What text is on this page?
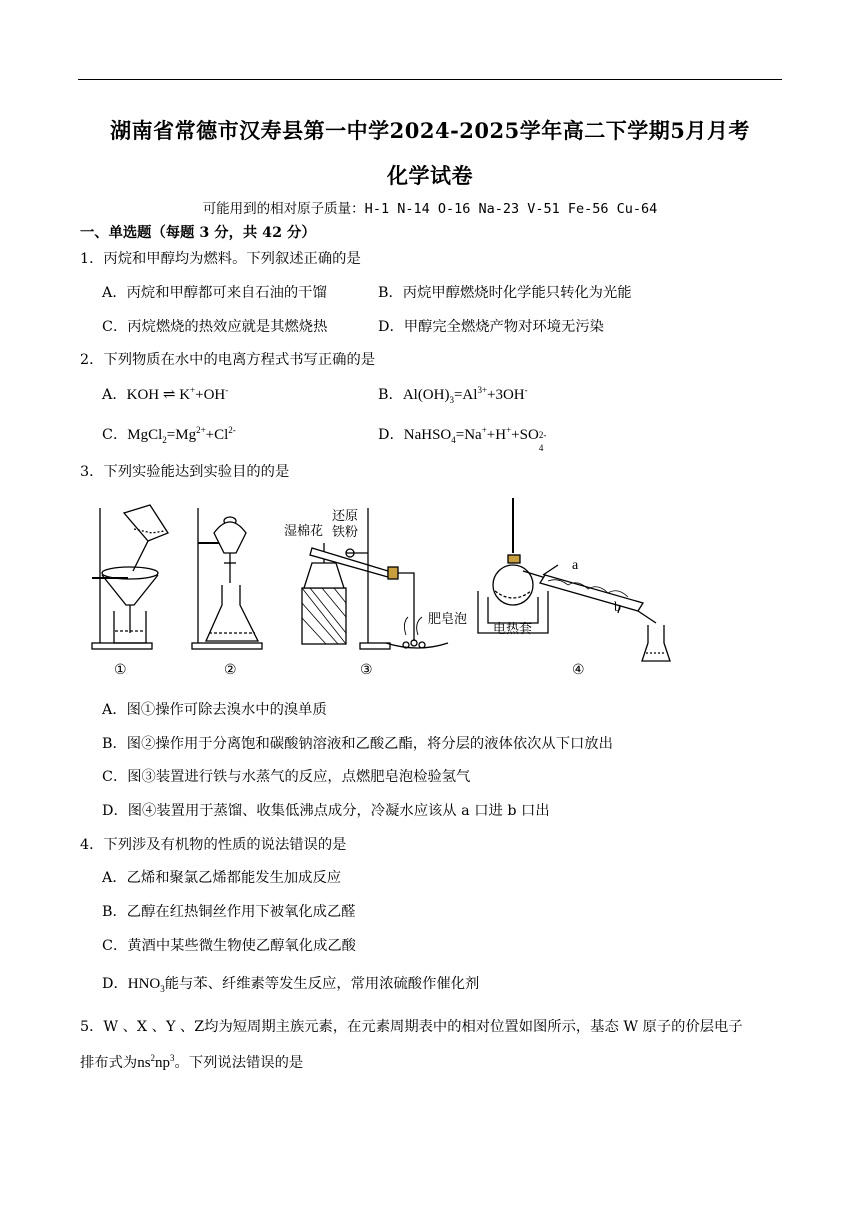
湖南省常德市汉寿县第一中学2024-2025学年高二下学期5月月考
化学试卷
可能用到的相对原子质量：H-1 N-14 O-16 Na-23 V-51 Fe-56 Cu-64
一、单选题（每题 3 分，共 42 分）
1．丙烷和甲醇均为燃料。下列叙述正确的是
A．丙烷和甲醇都可来自石油的干馏	B．丙烷甲醇燃烧时化学能只转化为光能
C．丙烷燃烧的热效应就是其燃烧热	D．甲醇完全燃烧产物对环境无污染
2．下列物质在水中的电离方程式书写正确的是
A．KOH ⇌ K++OH-	B．$Al(OH)_3=Al^{3+}+3OH^-$
C．$MgCl_2=Mg^{2+}+Cl^{2-}$	D．NaHSO$_4$=Na++H++SO 2-
4
3．下列实验能达到实验目的的是
湿棉花
还原
铁粉
肥皂泡
电热套
a
b
①	②	③	④
A．图①操作可除去溴水中的溴单质
B．图②操作用于分离饱和碳酸钠溶液和乙酸乙酯，将分层的液体依次从下口放出
C．图③装置进行铁与水蒸气的反应，点燃肥皂泡检验氢气
D．图④装置用于蒸馏、收集低沸点成分，冷凝水应该从 a 口进 b 口出
4．下列涉及有机物的性质的说法错误的是
A．乙烯和聚氯乙烯都能发生加成反应
B．乙醇在红热铜丝作用下被氧化成乙醛
C．黄酒中某些微生物使乙醇氧化成乙酸
D．$HNO_3$能与苯、纤维素等发生反应，常用浓硫酸作催化剂
5．W 、X 、Y 、Z均为短周期主族元素，在元素周期表中的相对位置如图所示，基态 W 原子的价层电子
排布式为$ns^2np^3$。下列说法错误的是
